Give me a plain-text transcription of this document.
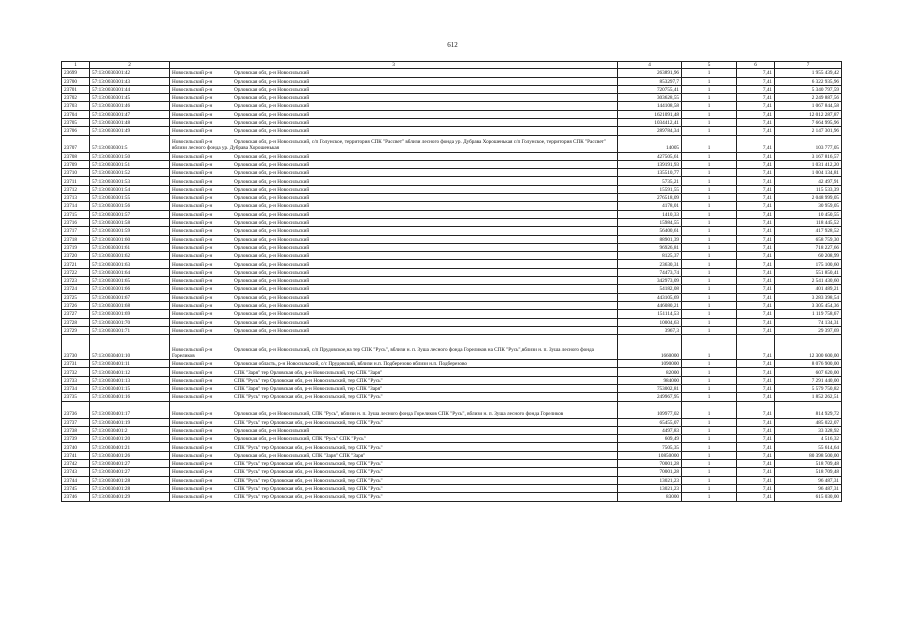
612
1	2	3	4	5	6	7
23699	57:13:0030301:42	Новосильский р-н Орловская обл, р-н Новосильский	263891,96	1	7,41	1 955 439,42
23700	57:13:0030301:43	Новосильский р-н Орловская обл, р-н Новосильский	853297,7	1	7,41	6 322 935,96
23701	57:13:0030301:44	Новосильский р-н Орловская обл, р-н Новосильский	720755,41	1	7,41	5 340 797,59
23702	57:13:0030301:45	Новосильский р-н Орловская обл, р-н Новосильский	303628,55	1	7,41	2 249 887,56
23703	57:13:0030301:46	Новосильский р-н Орловская обл, р-н Новосильский	144108,58	1	7,41	1 067 844,58
23704	57:13:0030301:47	Новосильский р-н Орловская обл, р-н Новосильский	1621091,48	1	7,41	12 012 287,87
23705	57:13:0030301:48	Новосильский р-н Орловская обл, р-н Новосильский	1034412,41	1	7,41	7 664 995,96
23706	57:13:0030301:49	Новосильский р-н Орловская обл, р-н Новосильский	289784,34	1	7,41	2 147 301,96
23707	57:13:0030301:5	Новосильский р-н Орловская обл, р-н Новосильский, с/п Голунское, территория СПК "Рассвет" вблизи лесного фонда ур. Дубрава Хорошенькая с/п Голунское, территория СПК "Рассвет" вблизи лесного фонда ур. Дубрава Хорошенькая	14005	1	7,41	103 777,05
23708	57:13:0030301:50	Новосильский р-н Орловская обл, р-н Новосильский	427505,61	1	7,41	3 167 816,57
23709	57:13:0030301:51	Новосильский р-н Орловская обл, р-н Новосильский	139191,93	1	7,41	1 031 412,20
23710	57:13:0030301:52	Новосильский р-н Орловская обл, р-н Новосильский	135510,77	1	7,41	1 004 134,81
23711	57:13:0030301:53	Новосильский р-н Орловская обл, р-н Новосильский	5735,21	1	7,41	42 497,91
23712	57:13:0030301:54	Новосильский р-н Орловская обл, р-н Новосильский	15591,55	1	7,41	115 533,39
23713	57:13:0030301:55	Новосильский р-н Орловская обл, р-н Новосильский	276518,09	1	7,41	2 048 999,05
23714	57:13:0030301:56	Новосильский р-н Орловская обл, р-н Новосильский	4178,01	1	7,41	30 959,05
23715	57:13:0030301:57	Новосильский р-н Орловская обл, р-н Новосильский	1410,33	1	7,41	10 450,55
23716	57:13:0030301:58	Новосильский р-н Орловская обл, р-н Новосильский	15984,55	1	7,41	118 445,52
23717	57:13:0030301:59	Новосильский р-н Орловская обл, р-н Новосильский	56400,61	1	7,41	417 928,52
23718	57:13:0030301:60	Новосильский р-н Орловская обл, р-н Новосильский	88901,39	1	7,41	658 759,30
23719	57:13:0030301:61	Новосильский р-н Орловская обл, р-н Новосильский	96926,81	1	7,41	718 227,66
23720	57:13:0030301:62	Новосильский р-н Орловская обл, р-н Новосильский	8125,37	1	7,41	60 208,99
23721	57:13:0030301:63	Новосильский р-н Орловская обл, р-н Новосильский	23630,31	1	7,41	175 100,60
23722	57:13:0030301:64	Новосильский р-н Орловская обл, р-н Новосильский	74473,74	1	7,41	551 850,41
23723	57:13:0030301:65	Новосильский р-н Орловская обл, р-н Новосильский	342973,09	1	7,41	2 541 430,60
23724	57:13:0030301:66	Новосильский р-н Орловская обл, р-н Новосильский	54182,08	1	7,41	401 489,21
23725	57:13:0030301:67	Новосильский р-н Орловская обл, р-н Новосильский	443105,69	1	7,41	3 283 398,54
23726	57:13:0030301:68	Новосильский р-н Орловская обл, р-н Новосильский	446080,21	1	7,41	3 305 454,36
23727	57:13:0030301:69	Новосильский р-н Орловская обл, р-н Новосильский	151114,53	1	7,41	1 119 758,67
23728	57:13:0030301:70	Новосильский р-н Орловская обл, р-н Новосильский	10004,63	1	7,41	74 134,31
23729	57:13:0030301:71	Новосильский р-н Орловская обл, р-н Новосильский	3967,3	1	7,41	29 397,69
23730	57:13:0030401:10	Новосильский р-н Орловская обл, р-н Новосильский, с/п Прудовское,на тер СПК "Русь", вблизи н. п. Зуша лесного фонда Гореликов на СПК "Русь",вблизи н. п. Зуша лесного фонда Гореликов	1660000	1	7,41	12 300 600,00
23731	57:13:0030401:11	Новосильский р-н Орловская область, р-н Новосильский, с/с Прудовский, вблизи н.п. Подберезово вблизи н.п. Подберезово	1090000	1	7,41	8 076 900,00
23732	57:13:0030401:12	Новосильский р-н СПК "Заря" тер Орловская обл, р-н Новосильский, тер СПК "Заря"	82000	1	7,41	607 620,00
23733	57:13:0030401:13	Новосильский р-н СПК "Русь" тер Орловская обл, р-н Новосильский, тер СПК "Русь"	984000	1	7,41	7 291 440,00
23734	57:13:0030401:15	Новосильский р-н СПК "Заря" тер Орловская обл, р-н Новосильский, тер СПК "Заря"	753002,81	1	7,41	5 579 750,82
23735	57:13:0030401:16	Новосильский р-н СПК "Русь" тер Орловская обл, р-н Новосильский, тер СПК "Русь"	249967,95	1	7,41	1 852 262,51
23736	57:13:0030401:17	Новосильский р-н Орловская обл, р-н Новосильский, СПК "Русь", вблизи н. п. Зуша лесного фонда Гореликов СПК "Русь", вблизи н. п. Зуша лесного фонда Гореликов	109977,02	1	7,41	814 929,72
23737	57:13:0030401:19	Новосильский р-н СПК "Русь" тер Орловская обл, р-н Новосильский, тер СПК "Русь"	65455,07	1	7,41	485 022,07
23738	57:13:0030401:2	Новосильский р-н Орловская обл, р-н Новосильский	4497,83	1	7,41	33 328,92
23739	57:13:0030401:20	Новосильский р-н Орловская обл, р-н Новосильский, СПК "Русь" СПК "Русь"	609,49	1	7,41	4 516,32
23740	57:13:0030401:21	Новосильский р-н СПК "Русь" тер Орловская обл, р-н Новосильский, тер СПК "Русь"	7505,35	1	7,41	55 614,64
23741	57:13:0030401:26	Новосильский р-н Орловская обл, р-н Новосильский, СПК "Заря" СПК "Заря"	10850000	1	7,41	80 398 500,00
23742	57:13:0030401:27	Новосильский р-н СПК "Русь" тер Орловская обл, р-н Новосильский, тер СПК "Русь"	70001,28	1	7,41	518 709,48
23743	57:13:0030401:27	Новосильский р-н СПК "Русь" тер Орловская обл, р-н Новосильский, тер СПК "Русь"	70001,28	1	7,41	518 709,48
23744	57:13:0030401:28	Новосильский р-н СПК "Русь" тер Орловская обл, р-н Новосильский, тер СПК "Русь"	13021,23	1	7,41	96 487,31
23745	57:13:0030401:28	Новосильский р-н СПК "Русь" тер Орловская обл, р-н Новосильский, тер СПК "Русь"	13021,23	1	7,41	96 487,31
23746	57:13:0030401:29	Новосильский р-н СПК "Русь" тер Орловская обл, р-н Новосильский, тер СПК "Русь"	83000	1	7,41	615 030,00
